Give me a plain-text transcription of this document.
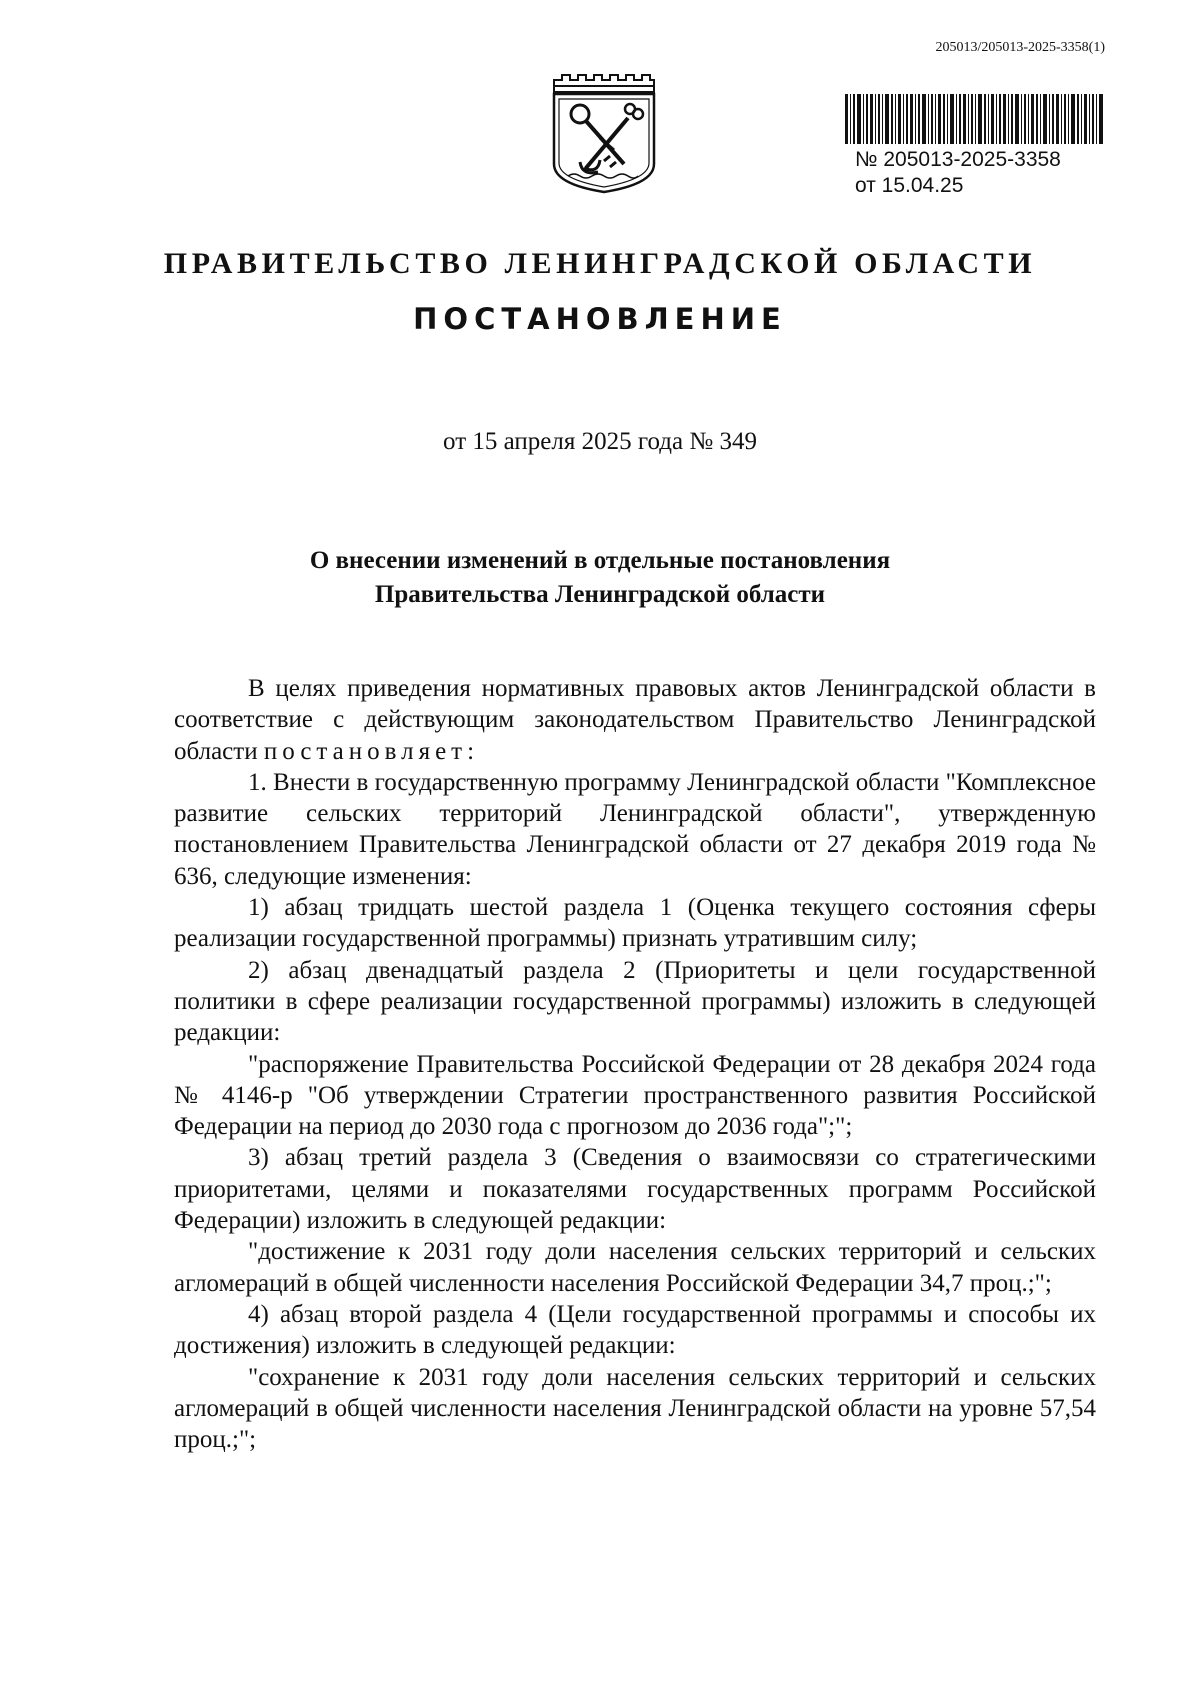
205013/205013-2025-3358(1)
№ 205013-2025-3358
от 15.04.25
ПРАВИТЕЛЬСТВО ЛЕНИНГРАДСКОЙ ОБЛАСТИ
ПОСТАНОВЛЕНИЕ
от 15 апреля 2025 года № 349
О внесении изменений в отдельные постановления
Правительства Ленинградской области

В целях приведения нормативных правовых актов Ленинградской области в соответствие с действующим законодательством Правительство Ленинградской области постановляет:

1. Внести в государственную программу Ленинградской области "Комплексное развитие сельских территорий Ленинградской области", утвержденную постановлением Правительства Ленинградской области от 27 декабря 2019 года № 636, следующие изменения:

1) абзац тридцать шестой раздела 1 (Оценка текущего состояния сферы реализации государственной программы) признать утратившим силу;

2) абзац двенадцатый раздела 2 (Приоритеты и цели государственной политики в сфере реализации государственной программы) изложить в следующей редакции:

"распоряжение Правительства Российской Федерации от 28 декабря 2024 года № 4146-р "Об утверждении Стратегии пространственного развития Российской Федерации на период до 2030 года с прогнозом до 2036 года";";

3) абзац третий раздела 3 (Сведения о взаимосвязи со стратегическими приоритетами, целями и показателями государственных программ Российской Федерации) изложить в следующей редакции:

"достижение к 2031 году доли населения сельских территорий и сельских агломераций в общей численности населения Российской Федерации 34,7 проц.;";

4) абзац второй раздела 4 (Цели государственной программы и способы их достижения) изложить в следующей редакции:

"сохранение к 2031 году доли населения сельских территорий и сельских агломераций в общей численности населения Ленинградской области на уровне 57,54 проц.;";
